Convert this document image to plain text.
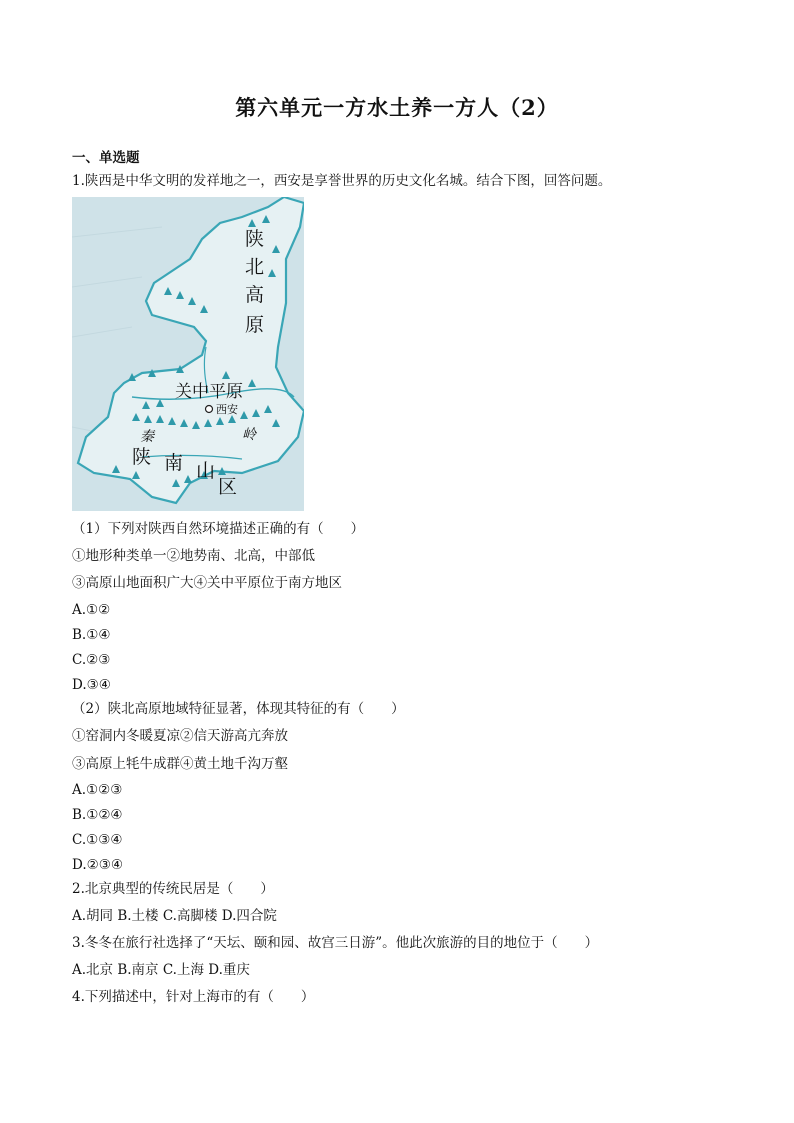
第六单元一方水土养一方人（2）
一、单选题
1.陕西是中华文明的发祥地之一，西安是享誉世界的历史文化名城。结合下图，回答问题。
陕
北
高
原
关中平原
西安
秦	岭
陕 南 山
区
（1）下列对陕西自然环境描述正确的有（　　）
①地形种类单一②地势南、北高，中部低
③高原山地面积广大④关中平原位于南方地区
A.①②
B.①④
C.②③
D.③④
（2）陕北高原地域特征显著，体现其特征的有（　　）
①窑洞内冬暖夏凉②信天游高亢奔放
③高原上牦牛成群④黄土地千沟万壑
A.①②③
B.①②④
C.①③④
D.②③④
2.北京典型的传统民居是（　　）
A.胡同 B.土楼 C.高脚楼 D.四合院
3.冬冬在旅行社选择了“天坛、颐和园、故宫三日游”。他此次旅游的目的地位于（　　）
A.北京 B.南京 C.上海 D.重庆
4.下列描述中，针对上海市的有（　　）
